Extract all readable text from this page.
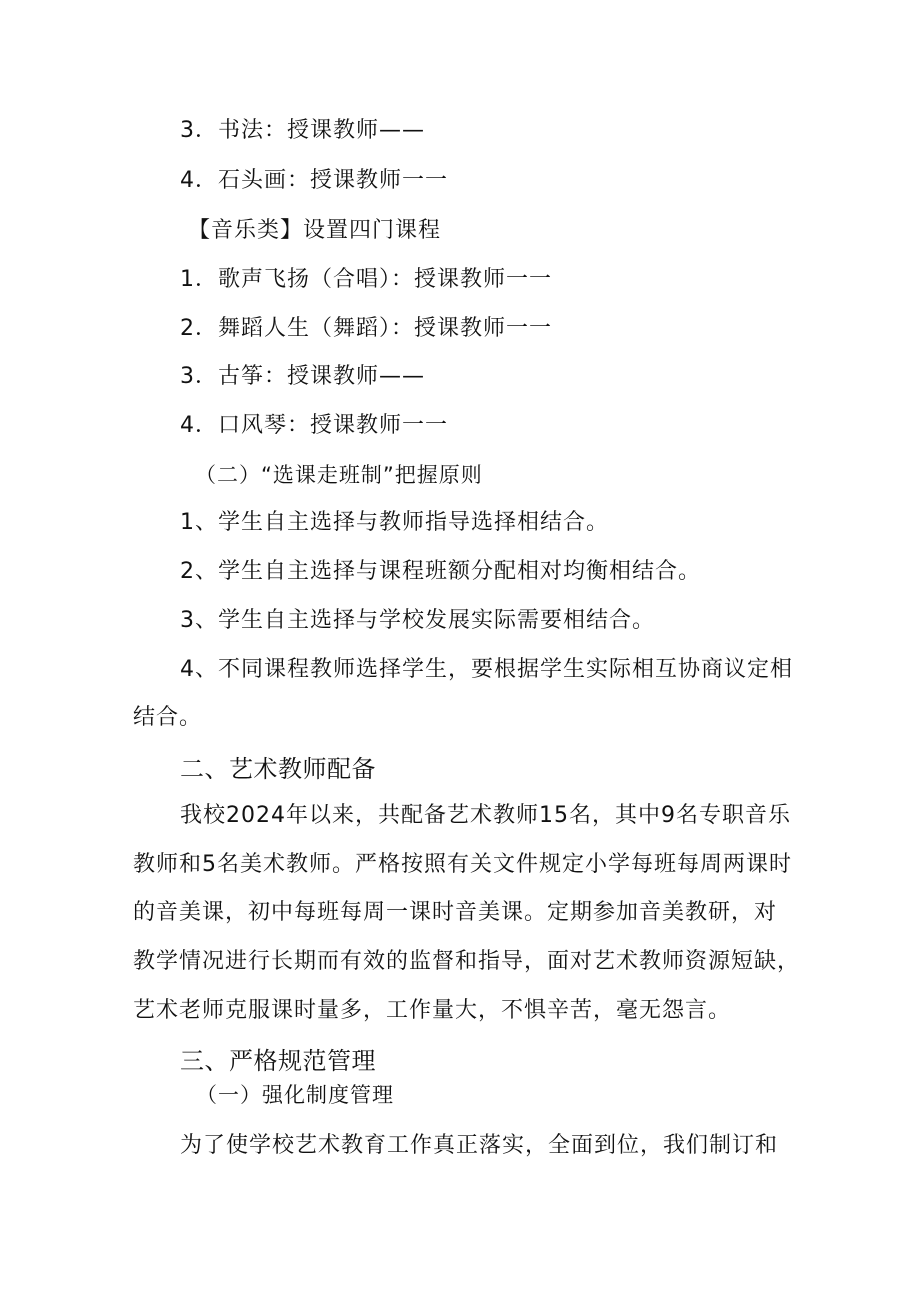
3．书法：授课教师——
4．石头画：授课教师一一
【音乐类】设置四门课程
1．歌声飞扬（合唱）：授课教师一一
2．舞蹈人生（舞蹈）：授课教师一一
3．古筝：授课教师——
4．口风琴：授课教师一一
（二）“选课走班制”把握原则
1、学生自主选择与教师指导选择相结合。
2、学生自主选择与课程班额分配相对均衡相结合。
3、学生自主选择与学校发展实际需要相结合。
4、不同课程教师选择学生，要根据学生实际相互协商议定相
结合。
二、艺术教师配备
我校2024年以来，共配备艺术教师15名，其中9名专职音乐
教师和5名美术教师。严格按照有关文件规定小学每班每周两课时
的音美课，初中每班每周一课时音美课。定期参加音美教研，对
教学情况进行长期而有效的监督和指导，面对艺术教师资源短缺，
艺术老师克服课时量多，工作量大，不惧辛苦，毫无怨言。
三、严格规范管理
（一）强化制度管理
为了使学校艺术教育工作真正落实，全面到位，我们制订和
